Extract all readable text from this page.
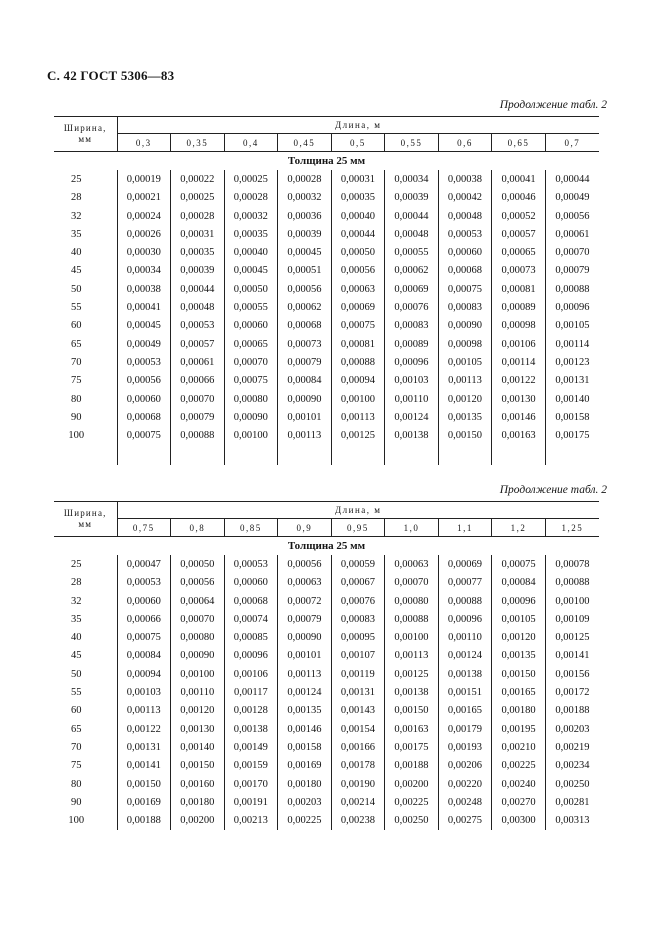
С. 42 ГОСТ 5306—83
Продолжение табл. 2
Ширина,
мм	Длина, м								
	0,3	0,35	0,4	0,45	0,5	0,55	0,6	0,65	0,7
Толщина 25 мм									
25	0,00019	0,00022	0,00025	0,00028	0,00031	0,00034	0,00038	0,00041	0,00044
28	0,00021	0,00025	0,00028	0,00032	0,00035	0,00039	0,00042	0,00046	0,00049
32	0,00024	0,00028	0,00032	0,00036	0,00040	0,00044	0,00048	0,00052	0,00056
35	0,00026	0,00031	0,00035	0,00039	0,00044	0,00048	0,00053	0,00057	0,00061
40	0,00030	0,00035	0,00040	0,00045	0,00050	0,00055	0,00060	0,00065	0,00070
45	0,00034	0,00039	0,00045	0,00051	0,00056	0,00062	0,00068	0,00073	0,00079
50	0,00038	0,00044	0,00050	0,00056	0,00063	0,00069	0,00075	0,00081	0,00088
55	0,00041	0,00048	0,00055	0,00062	0,00069	0,00076	0,00083	0,00089	0,00096
60	0,00045	0,00053	0,00060	0,00068	0,00075	0,00083	0,00090	0,00098	0,00105
65	0,00049	0,00057	0,00065	0,00073	0,00081	0,00089	0,00098	0,00106	0,00114
70	0,00053	0,00061	0,00070	0,00079	0,00088	0,00096	0,00105	0,00114	0,00123
75	0,00056	0,00066	0,00075	0,00084	0,00094	0,00103	0,00113	0,00122	0,00131
80	0,00060	0,00070	0,00080	0,00090	0,00100	0,00110	0,00120	0,00130	0,00140
90	0,00068	0,00079	0,00090	0,00101	0,00113	0,00124	0,00135	0,00146	0,00158
100	0,00075	0,00088	0,00100	0,00113	0,00125	0,00138	0,00150	0,00163	0,00175

Продолжение табл. 2
Ширина,
мм	Длина, м								
	0,75	0,8	0,85	0,9	0,95	1,0	1,1	1,2	1,25
Толщина 25 мм									
25	0,00047	0,00050	0,00053	0,00056	0,00059	0,00063	0,00069	0,00075	0,00078
28	0,00053	0,00056	0,00060	0,00063	0,00067	0,00070	0,00077	0,00084	0,00088
32	0,00060	0,00064	0,00068	0,00072	0,00076	0,00080	0,00088	0,00096	0,00100
35	0,00066	0,00070	0,00074	0,00079	0,00083	0,00088	0,00096	0,00105	0,00109
40	0,00075	0,00080	0,00085	0,00090	0,00095	0,00100	0,00110	0,00120	0,00125
45	0,00084	0,00090	0,00096	0,00101	0,00107	0,00113	0,00124	0,00135	0,00141
50	0,00094	0,00100	0,00106	0,00113	0,00119	0,00125	0,00138	0,00150	0,00156
55	0,00103	0,00110	0,00117	0,00124	0,00131	0,00138	0,00151	0,00165	0,00172
60	0,00113	0,00120	0,00128	0,00135	0,00143	0,00150	0,00165	0,00180	0,00188
65	0,00122	0,00130	0,00138	0,00146	0,00154	0,00163	0,00179	0,00195	0,00203
70	0,00131	0,00140	0,00149	0,00158	0,00166	0,00175	0,00193	0,00210	0,00219
75	0,00141	0,00150	0,00159	0,00169	0,00178	0,00188	0,00206	0,00225	0,00234
80	0,00150	0,00160	0,00170	0,00180	0,00190	0,00200	0,00220	0,00240	0,00250
90	0,00169	0,00180	0,00191	0,00203	0,00214	0,00225	0,00248	0,00270	0,00281
100	0,00188	0,00200	0,00213	0,00225	0,00238	0,00250	0,00275	0,00300	0,00313
